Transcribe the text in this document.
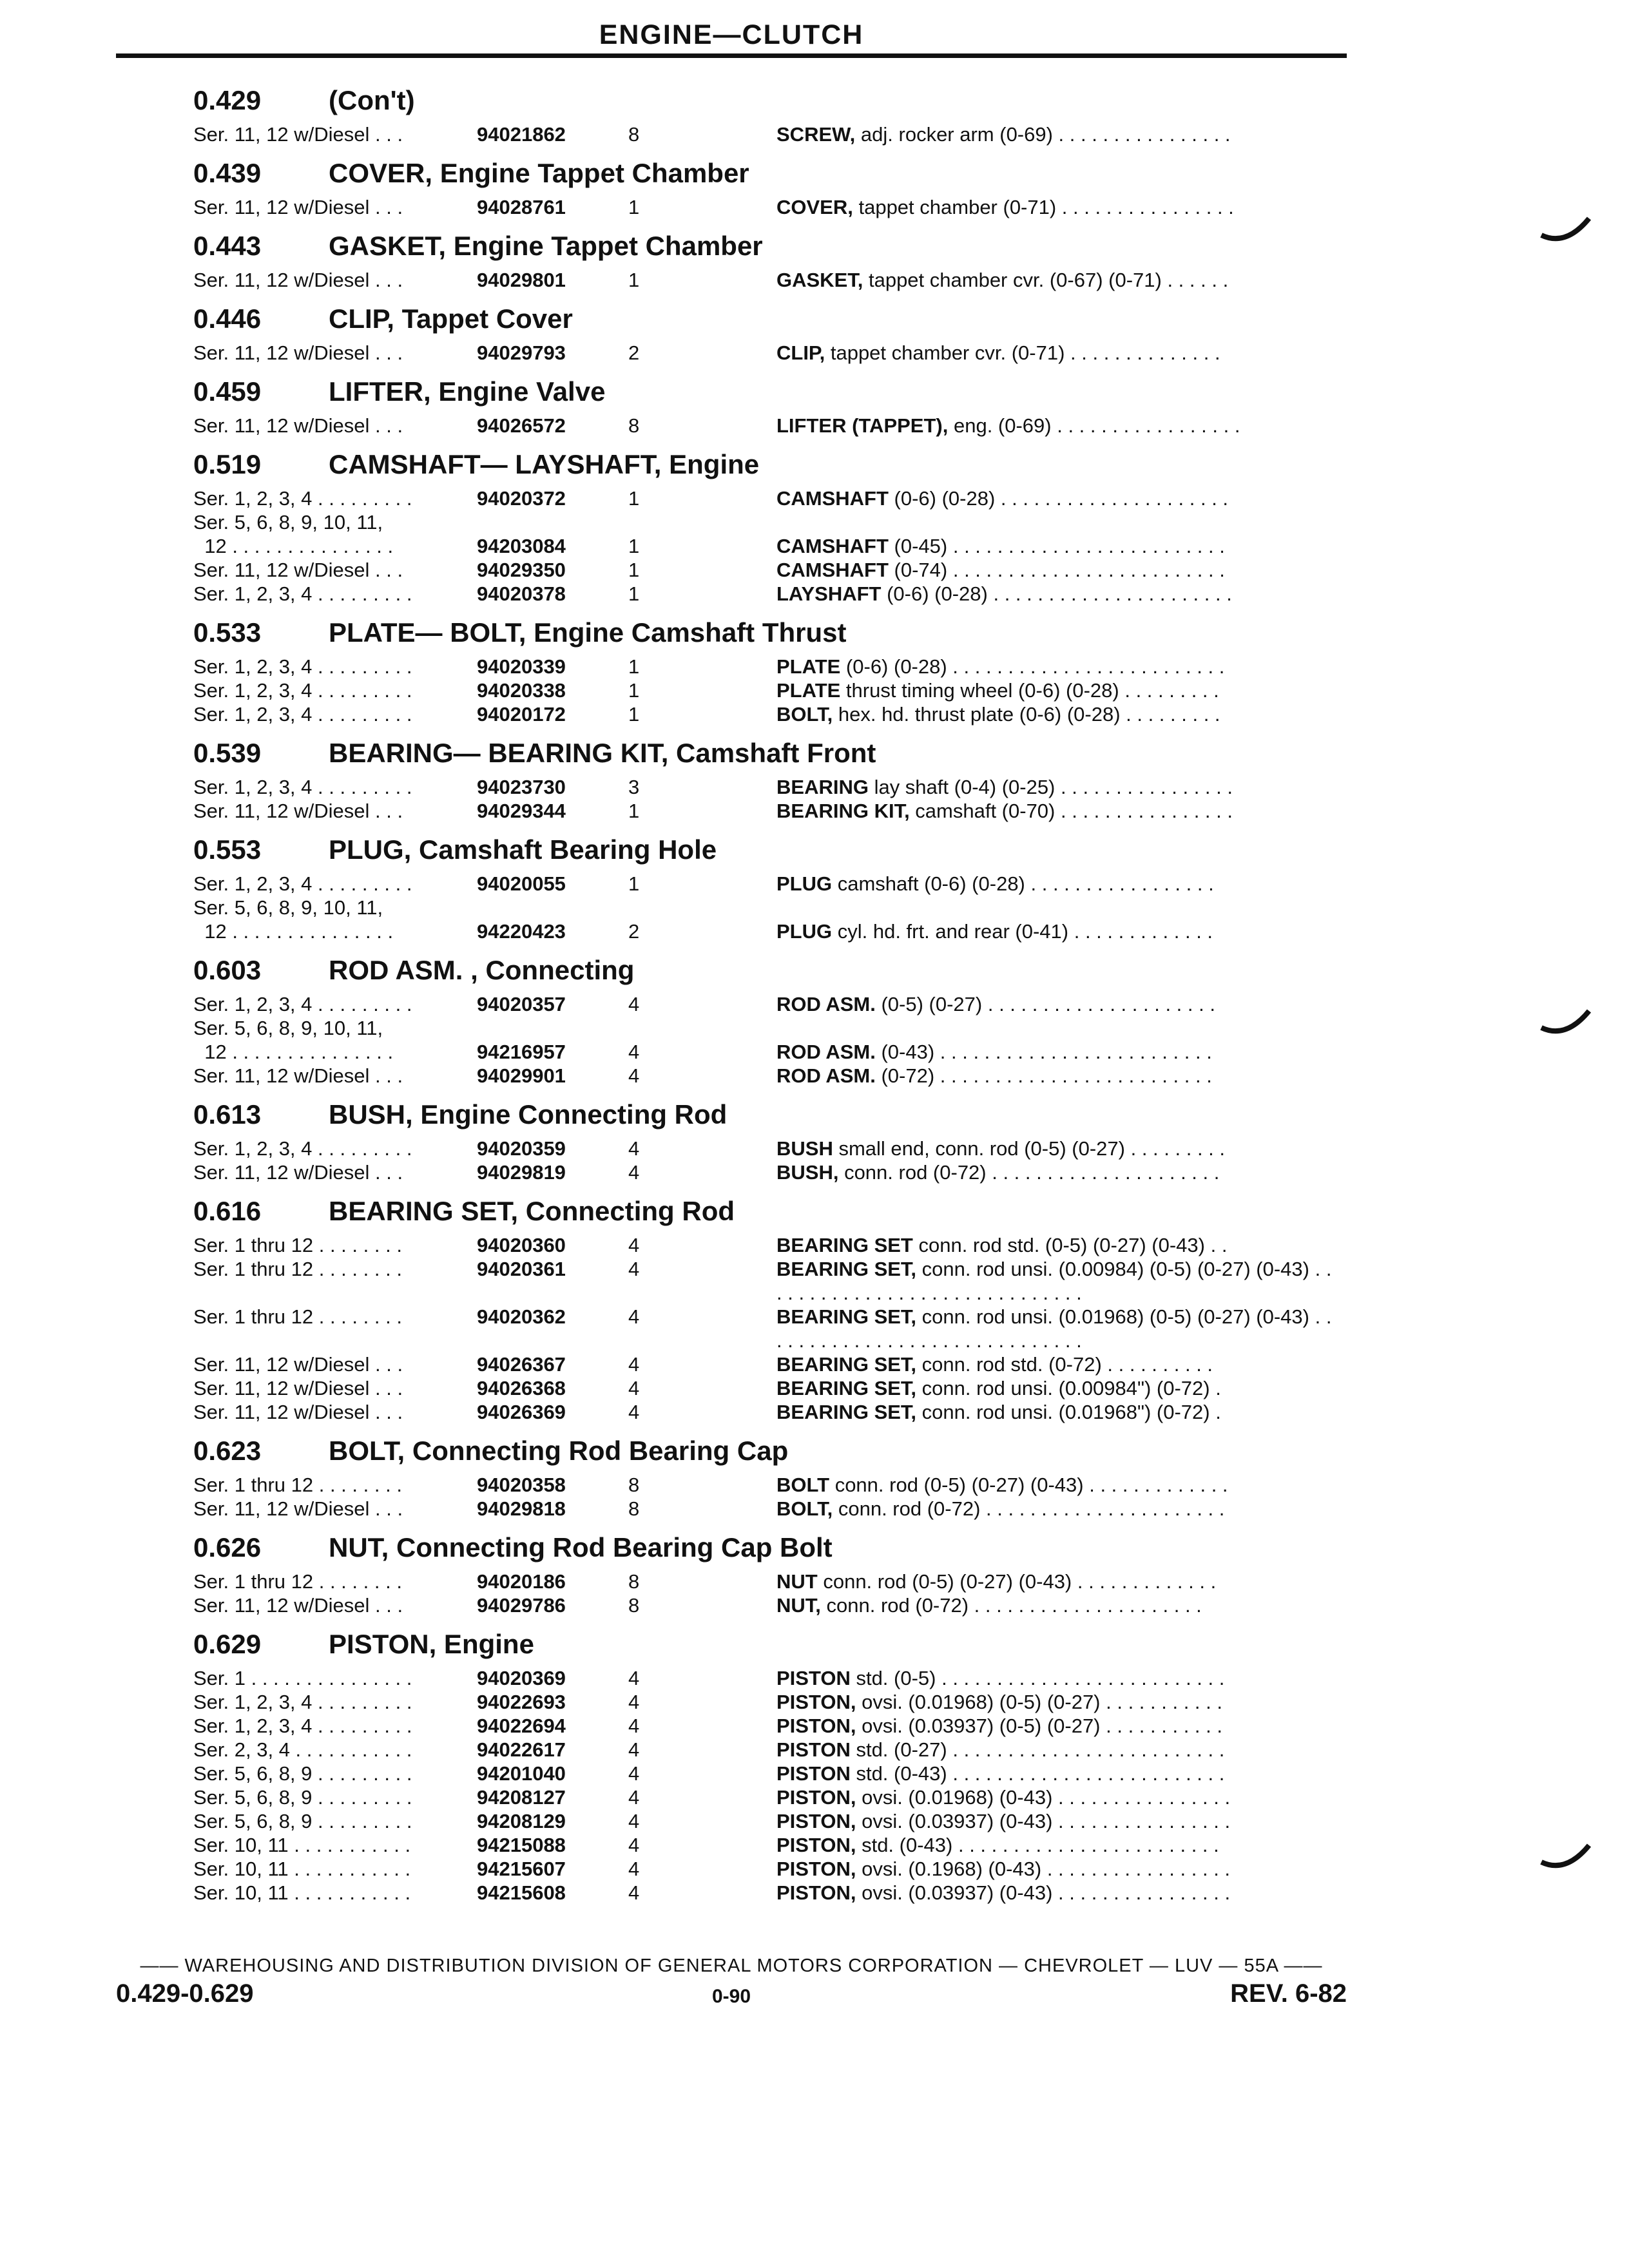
ENGINE—CLUTCH
0.429	(Con't)
Ser. 11, 12 w/Diesel . . .	94021862	8	SCREW, adj. rocker arm (0-69) . . . . . . . . . . . . . . . .
0.439	COVER, Engine Tappet Chamber
Ser. 11, 12 w/Diesel . . .	94028761	1	COVER, tappet chamber (0-71) . . . . . . . . . . . . . . . .
0.443	GASKET, Engine Tappet Chamber
Ser. 11, 12 w/Diesel . . .	94029801	1	GASKET, tappet chamber cvr. (0-67) (0-71) . . . . . .
0.446	CLIP, Tappet Cover
Ser. 11, 12 w/Diesel . . .	94029793	2	CLIP, tappet chamber cvr. (0-71) . . . . . . . . . . . . . .
0.459	LIFTER, Engine Valve
Ser. 11, 12 w/Diesel . . .	94026572	8	LIFTER (TAPPET), eng. (0-69) . . . . . . . . . . . . . . . . .
0.519	CAMSHAFT— LAYSHAFT, Engine
Ser. 1, 2, 3, 4 . . . . . . . . .	94020372	1	CAMSHAFT (0-6) (0-28) . . . . . . . . . . . . . . . . . . . . .
Ser. 5, 6, 8, 9, 10, 11,
12 . . . . . . . . . . . . . . .	94203084	1	CAMSHAFT (0-45) . . . . . . . . . . . . . . . . . . . . . . . . .
Ser. 11, 12 w/Diesel . . .	94029350	1	CAMSHAFT (0-74) . . . . . . . . . . . . . . . . . . . . . . . . .
Ser. 1, 2, 3, 4 . . . . . . . . .	94020378	1	LAYSHAFT (0-6) (0-28) . . . . . . . . . . . . . . . . . . . . . .
0.533	PLATE— BOLT, Engine Camshaft Thrust
Ser. 1, 2, 3, 4 . . . . . . . . .	94020339	1	PLATE (0-6) (0-28) . . . . . . . . . . . . . . . . . . . . . . . . .
Ser. 1, 2, 3, 4 . . . . . . . . .	94020338	1	PLATE thrust timing wheel (0-6) (0-28) . . . . . . . . .
Ser. 1, 2, 3, 4 . . . . . . . . .	94020172	1	BOLT, hex. hd. thrust plate (0-6) (0-28) . . . . . . . . .
0.539	BEARING— BEARING KIT, Camshaft Front
Ser. 1, 2, 3, 4 . . . . . . . . .	94023730	3	BEARING lay shaft (0-4) (0-25) . . . . . . . . . . . . . . . .
Ser. 11, 12 w/Diesel . . .	94029344	1	BEARING KIT, camshaft (0-70) . . . . . . . . . . . . . . . .
0.553	PLUG, Camshaft Bearing Hole
Ser. 1, 2, 3, 4 . . . . . . . . .	94020055	1	PLUG camshaft (0-6) (0-28) . . . . . . . . . . . . . . . . .
Ser. 5, 6, 8, 9, 10, 11,
12 . . . . . . . . . . . . . . .	94220423	2	PLUG cyl. hd. frt. and rear (0-41) . . . . . . . . . . . . .
0.603	ROD ASM. , Connecting
Ser. 1, 2, 3, 4 . . . . . . . . .	94020357	4	ROD ASM. (0-5) (0-27) . . . . . . . . . . . . . . . . . . . . .
Ser. 5, 6, 8, 9, 10, 11,
12 . . . . . . . . . . . . . . .	94216957	4	ROD ASM. (0-43) . . . . . . . . . . . . . . . . . . . . . . . . .
Ser. 11, 12 w/Diesel . . .	94029901	4	ROD ASM. (0-72) . . . . . . . . . . . . . . . . . . . . . . . . .
0.613	BUSH, Engine Connecting Rod
Ser. 1, 2, 3, 4 . . . . . . . . .	94020359	4	BUSH small end, conn. rod (0-5) (0-27) . . . . . . . . .
Ser. 11, 12 w/Diesel . . .	94029819	4	BUSH, conn. rod (0-72) . . . . . . . . . . . . . . . . . . . . .
0.616	BEARING SET, Connecting Rod
Ser. 1 thru 12 . . . . . . . .	94020360	4	BEARING SET conn. rod std. (0-5) (0-27) (0-43) . .
Ser. 1 thru 12 . . . . . . . .	94020361	4	BEARING SET, conn. rod unsi. (0.00984) (0-5) (0-27) (0-43) . . . . . . . . . . . . . . . . . . . . . . . . . . . . . .
Ser. 1 thru 12 . . . . . . . .	94020362	4	BEARING SET, conn. rod unsi. (0.01968) (0-5) (0-27) (0-43) . . . . . . . . . . . . . . . . . . . . . . . . . . . . . .
Ser. 11, 12 w/Diesel . . .	94026367	4	BEARING SET, conn. rod std. (0-72) . . . . . . . . . .
Ser. 11, 12 w/Diesel . . .	94026368	4	BEARING SET, conn. rod unsi. (0.00984") (0-72) .
Ser. 11, 12 w/Diesel . . .	94026369	4	BEARING SET, conn. rod unsi. (0.01968") (0-72) .
0.623	BOLT, Connecting Rod Bearing Cap
Ser. 1 thru 12 . . . . . . . .	94020358	8	BOLT conn. rod (0-5) (0-27) (0-43) . . . . . . . . . . . . .
Ser. 11, 12 w/Diesel . . .	94029818	8	BOLT, conn. rod (0-72) . . . . . . . . . . . . . . . . . . . . . .
0.626	NUT, Connecting Rod Bearing Cap Bolt
Ser. 1 thru 12 . . . . . . . .	94020186	8	NUT conn. rod (0-5) (0-27) (0-43) . . . . . . . . . . . . .
Ser. 11, 12 w/Diesel . . .	94029786	8	NUT, conn. rod (0-72) . . . . . . . . . . . . . . . . . . . . .
0.629	PISTON, Engine
Ser. 1 . . . . . . . . . . . . . . .	94020369	4	PISTON std. (0-5) . . . . . . . . . . . . . . . . . . . . . . . . . .
Ser. 1, 2, 3, 4 . . . . . . . . .	94022693	4	PISTON, ovsi. (0.01968) (0-5) (0-27) . . . . . . . . . . .
Ser. 1, 2, 3, 4 . . . . . . . . .	94022694	4	PISTON, ovsi. (0.03937) (0-5) (0-27) . . . . . . . . . . .
Ser. 2, 3, 4 . . . . . . . . . . .	94022617	4	PISTON std. (0-27) . . . . . . . . . . . . . . . . . . . . . . . . .
Ser. 5, 6, 8, 9 . . . . . . . . .	94201040	4	PISTON std. (0-43) . . . . . . . . . . . . . . . . . . . . . . . . .
Ser. 5, 6, 8, 9 . . . . . . . . .	94208127	4	PISTON, ovsi. (0.01968) (0-43) . . . . . . . . . . . . . . . .
Ser. 5, 6, 8, 9 . . . . . . . . .	94208129	4	PISTON, ovsi. (0.03937) (0-43) . . . . . . . . . . . . . . . .
Ser. 10, 11 . . . . . . . . . . .	94215088	4	PISTON, std. (0-43) . . . . . . . . . . . . . . . . . . . . . . . .
Ser. 10, 11 . . . . . . . . . . .	94215607	4	PISTON, ovsi. (0.1968) (0-43) . . . . . . . . . . . . . . . . .
Ser. 10, 11 . . . . . . . . . . .	94215608	4	PISTON, ovsi. (0.03937) (0-43) . . . . . . . . . . . . . . . .
—— WAREHOUSING AND DISTRIBUTION DIVISION OF GENERAL MOTORS CORPORATION — CHEVROLET — LUV — 55A ——
0.429-0.629	0-90	REV. 6-82
